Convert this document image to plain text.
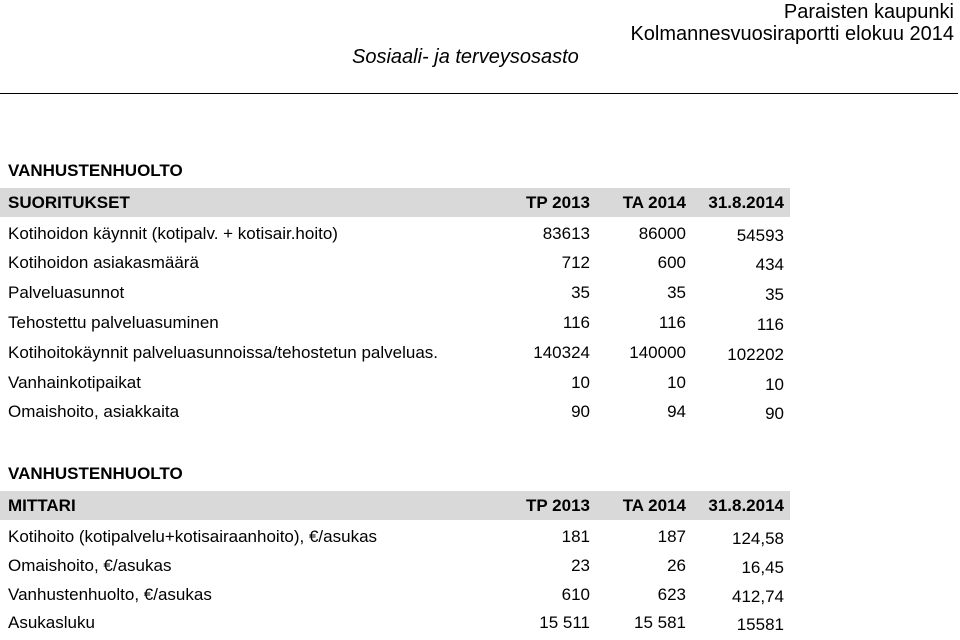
Paraisten kaupunki
Kolmannesvuosiraportti elokuu 2014
Sosiaali- ja terveysosasto
VANHUSTENHUOLTO
SUORITUKSET	TP 2013 TA 2014 31.8.2014
Kotihoidon käynnit (kotipalv. + kotisair.hoito)	83613	86000	54593
Kotihoidon asiakasmäärä	712	600	434
Palveluasunnot	35	35	35
Tehostettu palveluasuminen	116	116	116
Kotihoitokäynnit palveluasunnoissa/tehostetun palveluas.	140324 140000 102202
Vanhainkotipaikat	10	10	10
Omaishoito, asiakkaita	90	94	90
VANHUSTENHUOLTO
MITTARI	TP 2013 TA 2014 31.8.2014
Kotihoito (kotipalvelu+kotisairaanhoito), €/asukas	181	187	124,58
Omaishoito, €/asukas	23	26	16,45
Vanhustenhuolto, €/asukas	610	623	412,74
Asukasluku	15 511	15 581	15581
